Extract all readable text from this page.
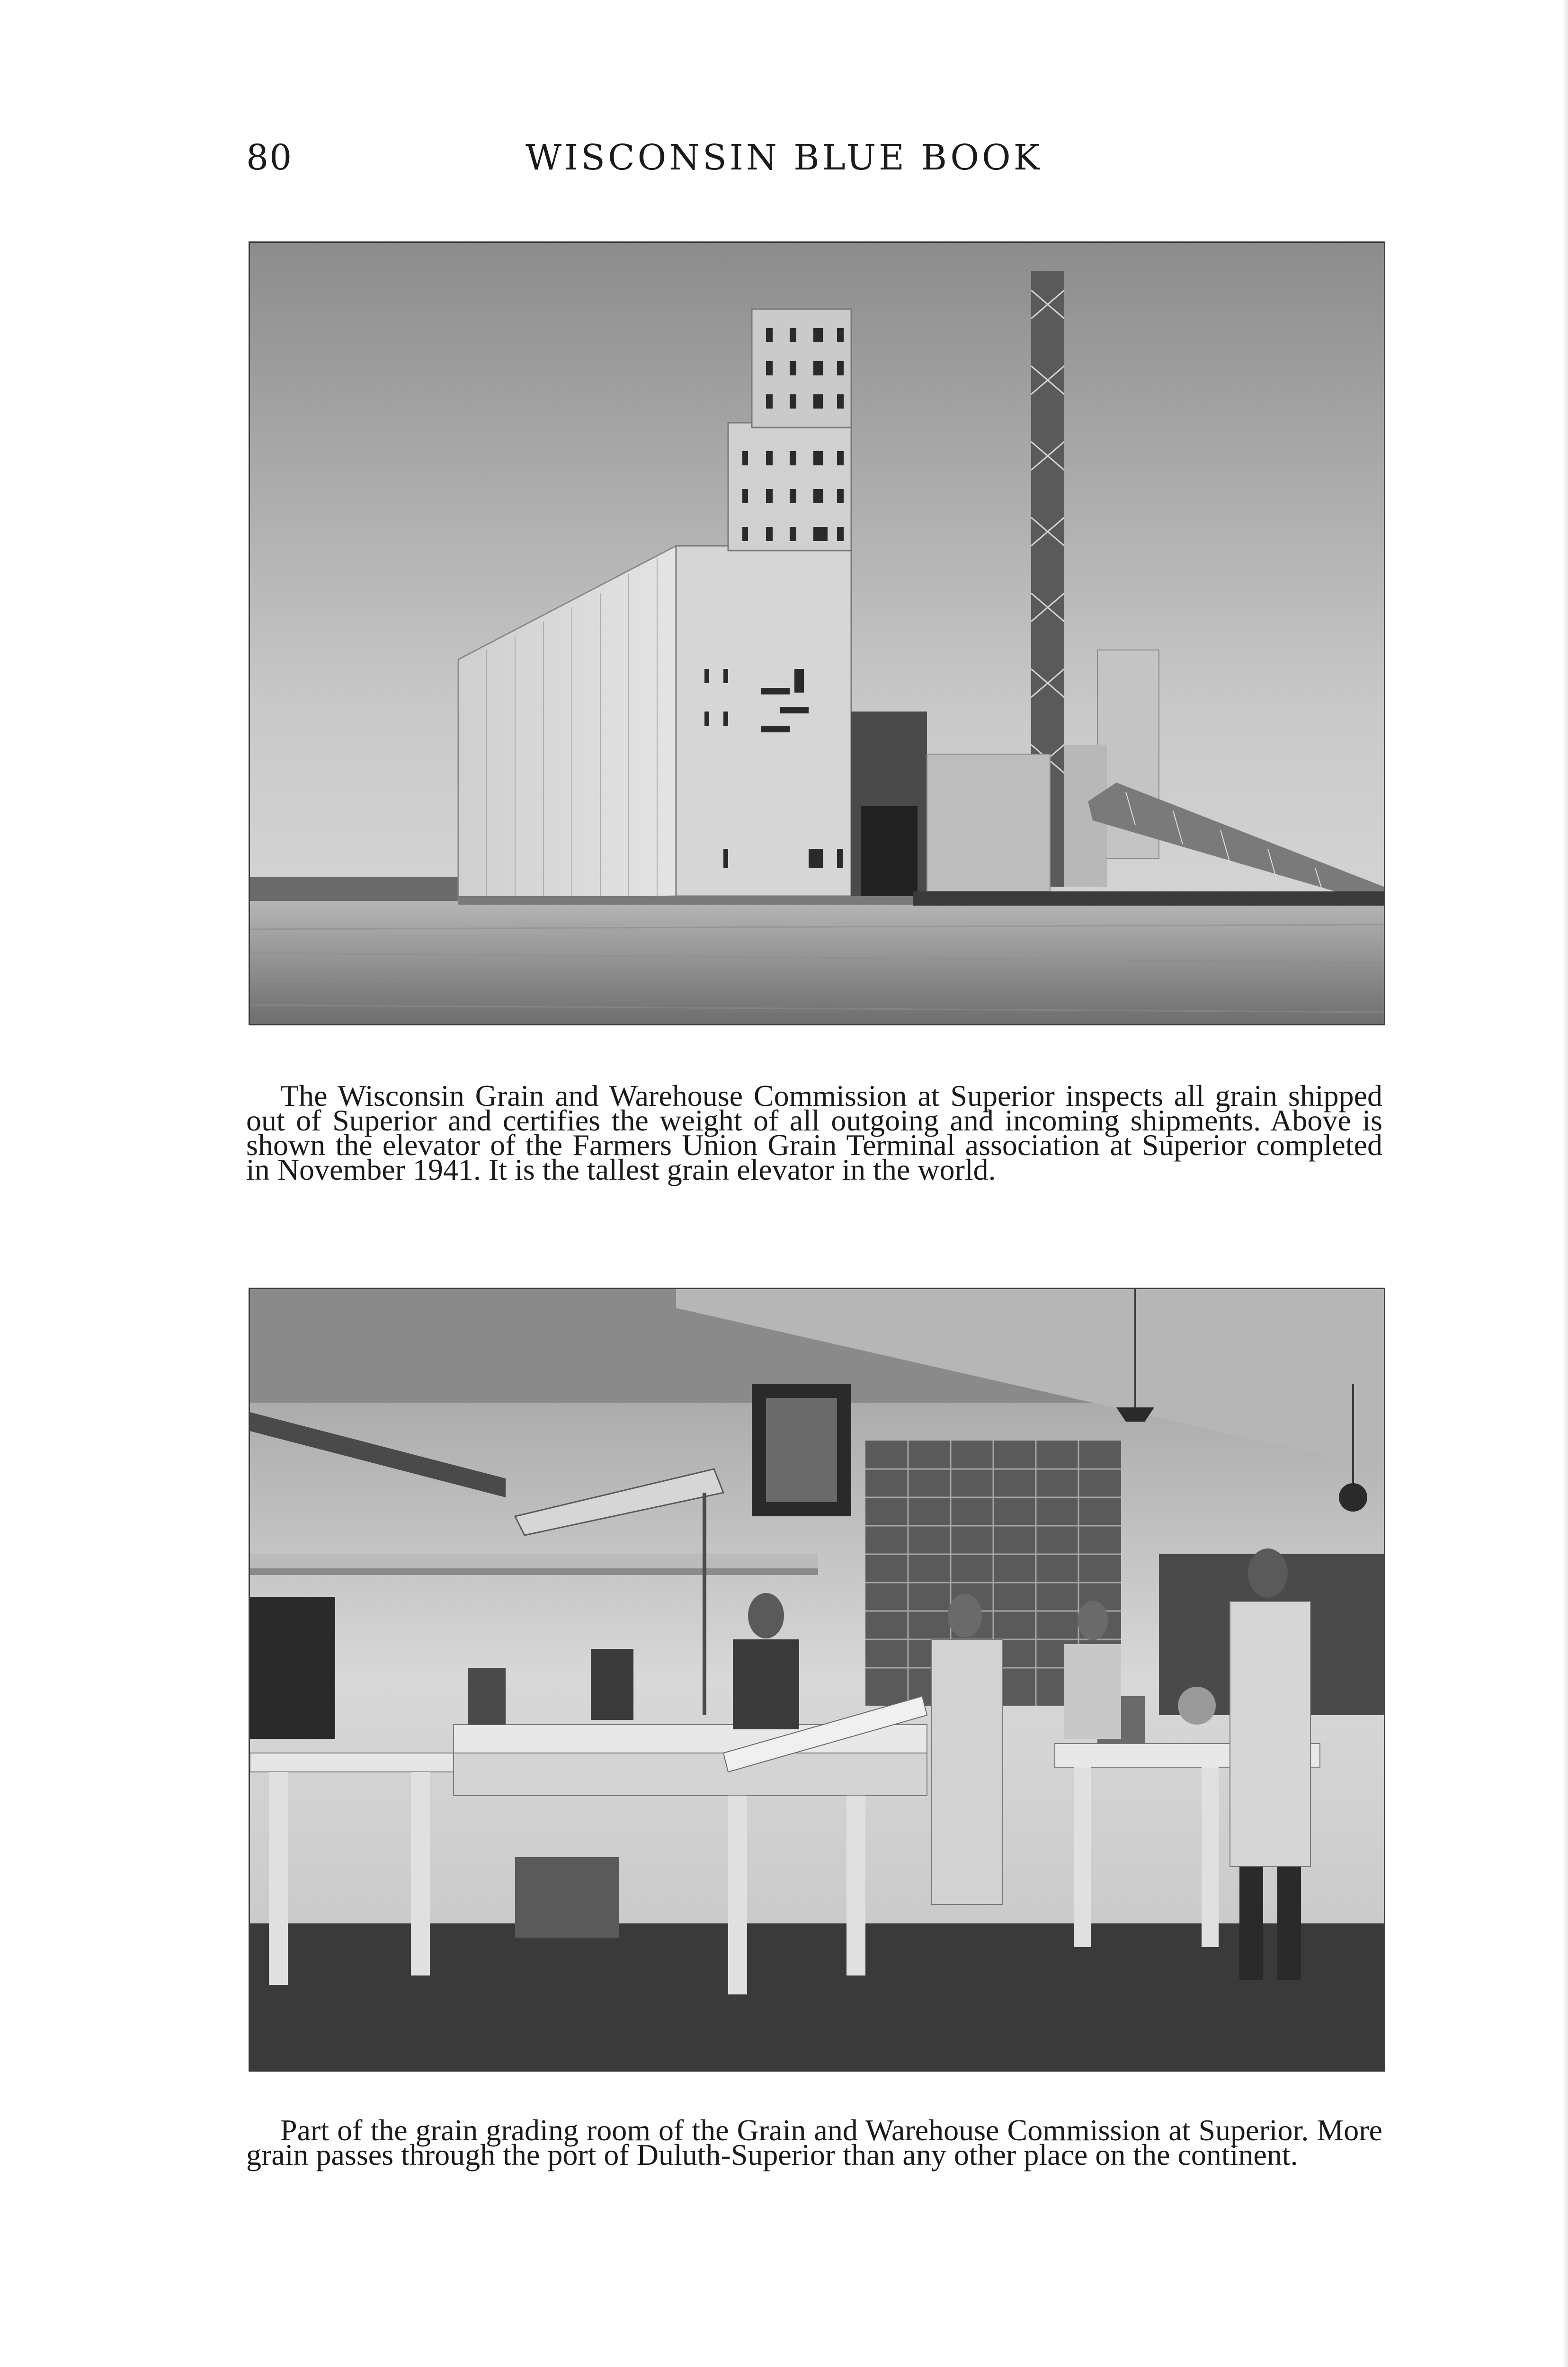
80	WISCONSIN BLUE BOOK

The Wisconsin Grain and Warehouse Commission at Superior inspects all grain shipped out of Superior and certifies the weight of all outgoing and incoming shipments. Above is shown the elevator of the Farmers Union Grain Terminal association at Superior completed in November 1941. It is the tallest grain elevator in the world.

Part of the grain grading room of the Grain and Warehouse Commission at Superior. More grain passes through the port of Duluth-Superior than any other place on the continent.
